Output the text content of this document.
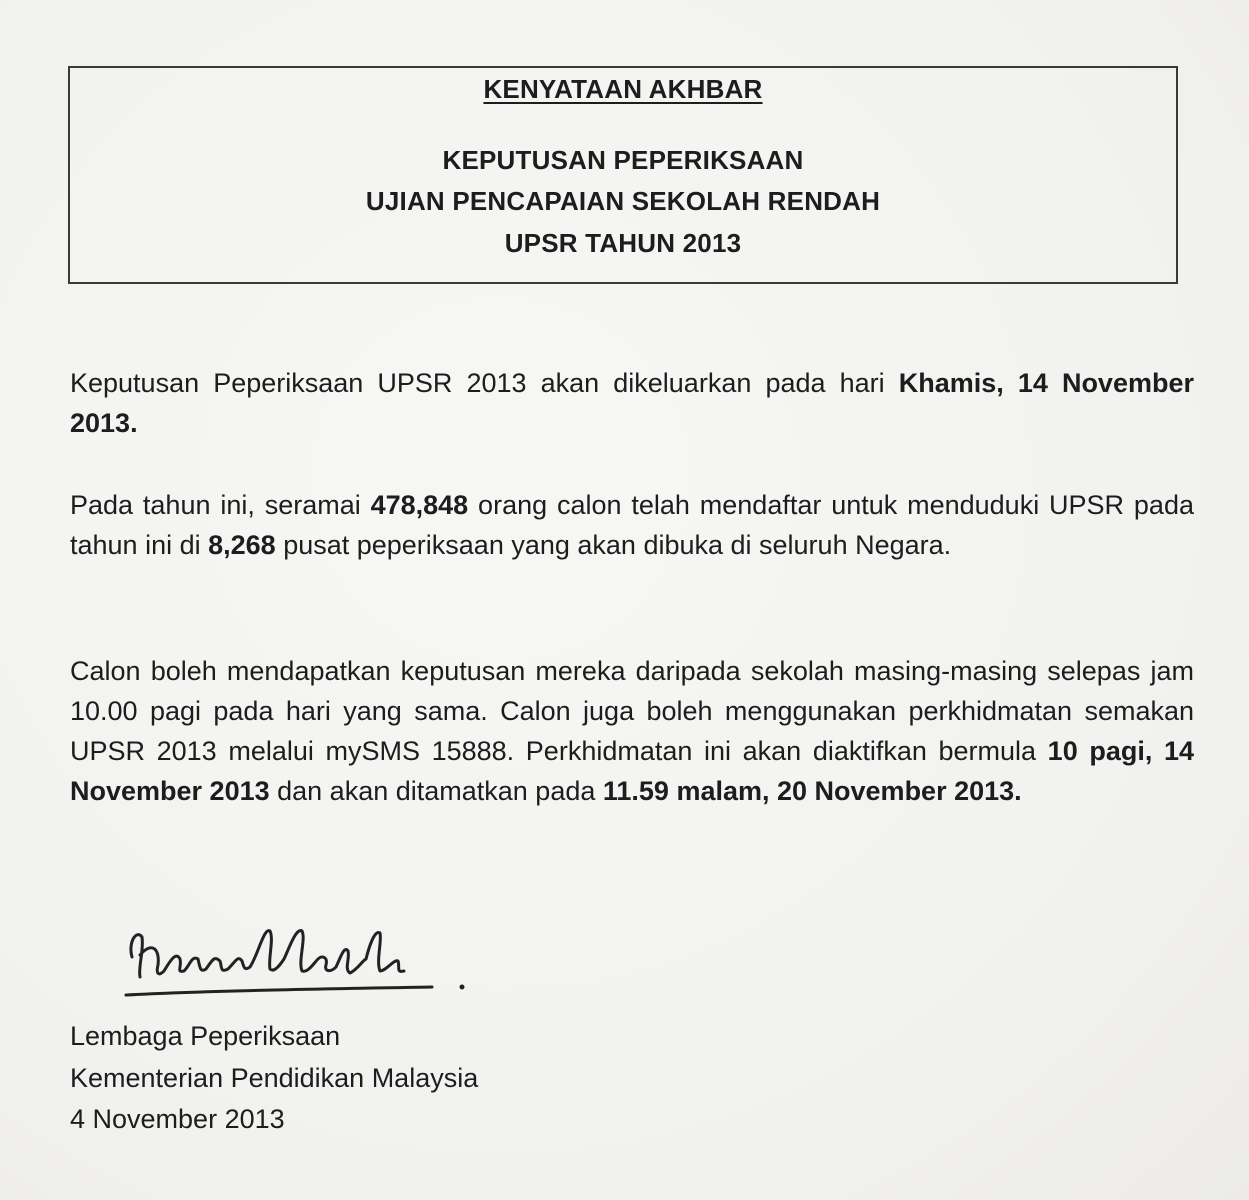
KENYATAAN AKHBAR
KEPUTUSAN PEPERIKSAAN
UJIAN PENCAPAIAN SEKOLAH RENDAH
UPSR TAHUN 2013
Keputusan Peperiksaan UPSR 2013 akan dikeluarkan pada hari Khamis, 14 November 2013.
Pada tahun ini, seramai 478,848 orang calon telah mendaftar untuk menduduki UPSR pada tahun ini di 8,268 pusat peperiksaan yang akan dibuka di seluruh Negara.
Calon boleh mendapatkan keputusan mereka daripada sekolah masing-masing selepas jam 10.00 pagi pada hari yang sama. Calon juga boleh menggunakan perkhidmatan semakan UPSR 2013 melalui mySMS 15888. Perkhidmatan ini akan diaktifkan bermula 10 pagi, 14 November 2013 dan akan ditamatkan pada 11.59 malam, 20 November 2013.
Lembaga Peperiksaan
Kementerian Pendidikan Malaysia
4 November 2013
